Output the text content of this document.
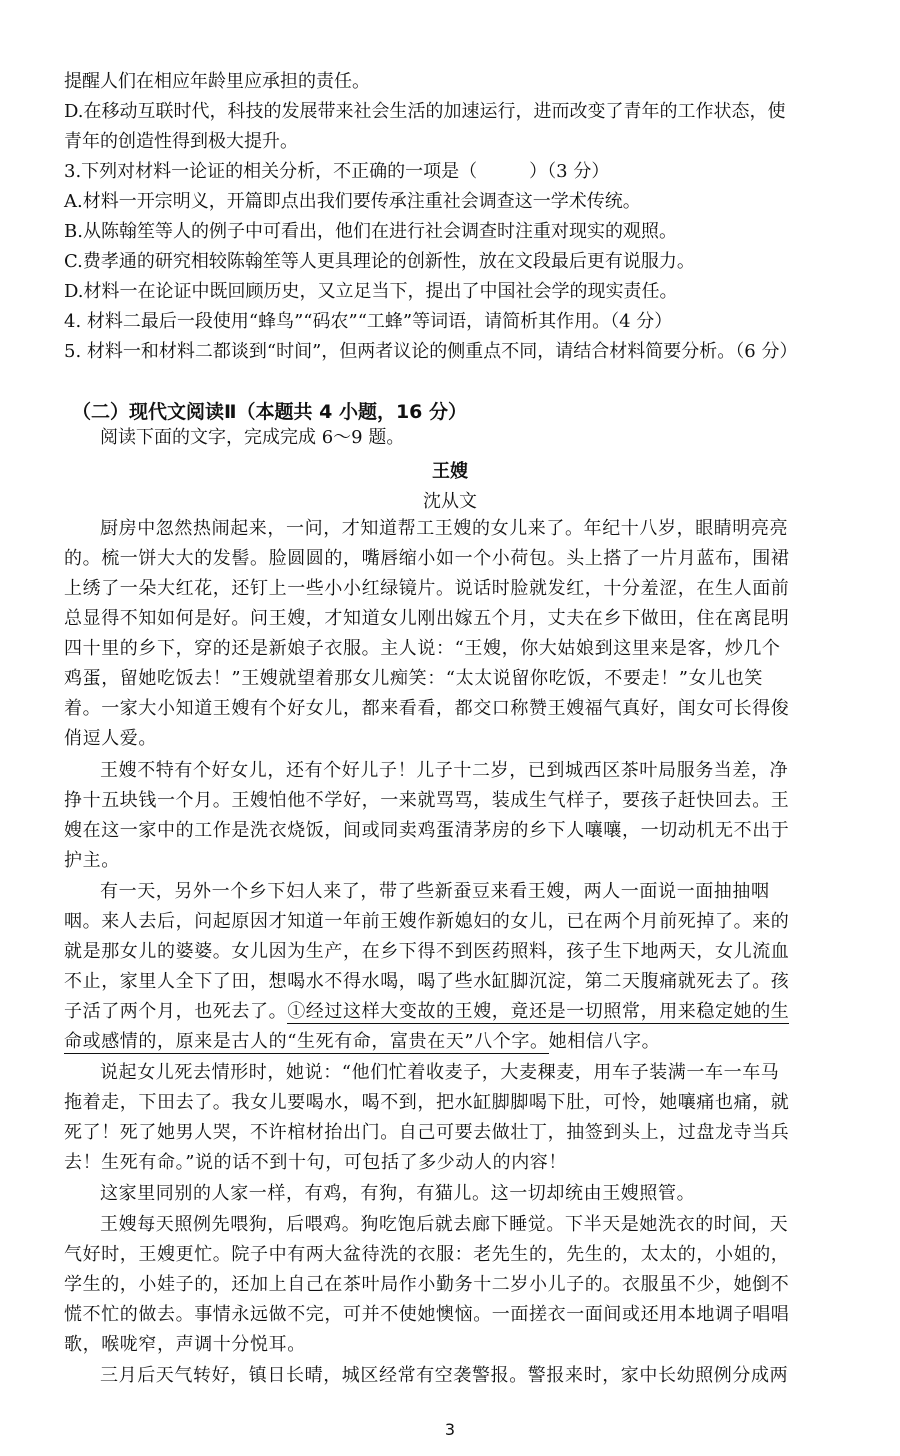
提醒人们在相应年龄里应承担的责任。
D.在移动互联时代，科技的发展带来社会生活的加速运行，进而改变了青年的工作状态，使
青年的创造性得到极大提升。
3.下列对材料一论证的相关分析，不正确的一项是（	）（3 分）
A.材料一开宗明义，开篇即点出我们要传承注重社会调查这一学术传统。
B.从陈翰笙等人的例子中可看出，他们在进行社会调查时注重对现实的观照。
C.费孝通的研究相较陈翰笙等人更具理论的创新性，放在文段最后更有说服力。
D.材料一在论证中既回顾历史，又立足当下，提出了中国社会学的现实责任。
4. 材料二最后一段使用“蜂鸟”“码农”“工蜂”等词语，请简析其作用。（4 分）
5. 材料一和材料二都谈到“时间”，但两者议论的侧重点不同，请结合材料简要分析。（6 分）
（二）现代文阅读Ⅱ（本题共 4 小题，16 分）
阅读下面的文字，完成完成 6～9 题。
王嫂
沈从文
厨房中忽然热闹起来，一问，才知道帮工王嫂的女儿来了。年纪十八岁，眼睛明亮亮
的。梳一饼大大的发髻。脸圆圆的，嘴唇缩小如一个小荷包。头上搭了一片月蓝布，围裙
上绣了一朵大红花，还钉上一些小小红绿镜片。说话时脸就发红，十分羞涩，在生人面前
总显得不知如何是好。问王嫂，才知道女儿刚出嫁五个月，丈夫在乡下做田，住在离昆明
四十里的乡下，穿的还是新娘子衣服。主人说：“王嫂，你大姑娘到这里来是客，炒几个
鸡蛋，留她吃饭去！”王嫂就望着那女儿痴笑：“太太说留你吃饭，不要走！”女儿也笑
着。一家大小知道王嫂有个好女儿，都来看看，都交口称赞王嫂福气真好，闺女可长得俊
俏逗人爱。
王嫂不特有个好女儿，还有个好儿子！儿子十二岁，已到城西区茶叶局服务当差，净
挣十五块钱一个月。王嫂怕他不学好，一来就骂骂，装成生气样子，要孩子赶快回去。王
嫂在这一家中的工作是洗衣烧饭，间或同卖鸡蛋清茅房的乡下人嚷嚷，一切动机无不出于
护主。
有一天，另外一个乡下妇人来了，带了些新蚕豆来看王嫂，两人一面说一面抽抽咽
咽。来人去后，问起原因才知道一年前王嫂作新媳妇的女儿，已在两个月前死掉了。来的
就是那女儿的婆婆。女儿因为生产，在乡下得不到医药照料，孩子生下地两天，女儿流血
不止，家里人全下了田，想喝水不得水喝，喝了些水缸脚沉淀，第二天腹痛就死去了。孩
子活了两个月，也死去了。①经过这样大变故的王嫂，竟还是一切照常，用来稳定她的生
命或感情的，原来是古人的“生死有命，富贵在天”八个字。她相信八字。
说起女儿死去情形时，她说：“他们忙着收麦子，大麦稞麦，用车子装满一车一车马
拖着走，下田去了。我女儿要喝水，喝不到，把水缸脚脚喝下肚，可怜，她嚷痛也痛，就
死了！死了她男人哭，不许棺材抬出门。自己可要去做壮丁，抽签到头上，过盘龙寺当兵
去！生死有命。”说的话不到十句，可包括了多少动人的内容！
这家里同别的人家一样，有鸡，有狗，有猫儿。这一切却统由王嫂照管。
王嫂每天照例先喂狗，后喂鸡。狗吃饱后就去廊下睡觉。下半天是她洗衣的时间，天
气好时，王嫂更忙。院子中有两大盆待洗的衣服：老先生的，先生的，太太的，小姐的，
学生的，小娃子的，还加上自己在茶叶局作小勤务十二岁小儿子的。衣服虽不少，她倒不
慌不忙的做去。事情永远做不完，可并不使她懊恼。一面搓衣一面间或还用本地调子唱唱
歌，喉咙窄，声调十分悦耳。
三月后天气转好，镇日长晴，城区经常有空袭警报。警报来时，家中长幼照例分成两
3
